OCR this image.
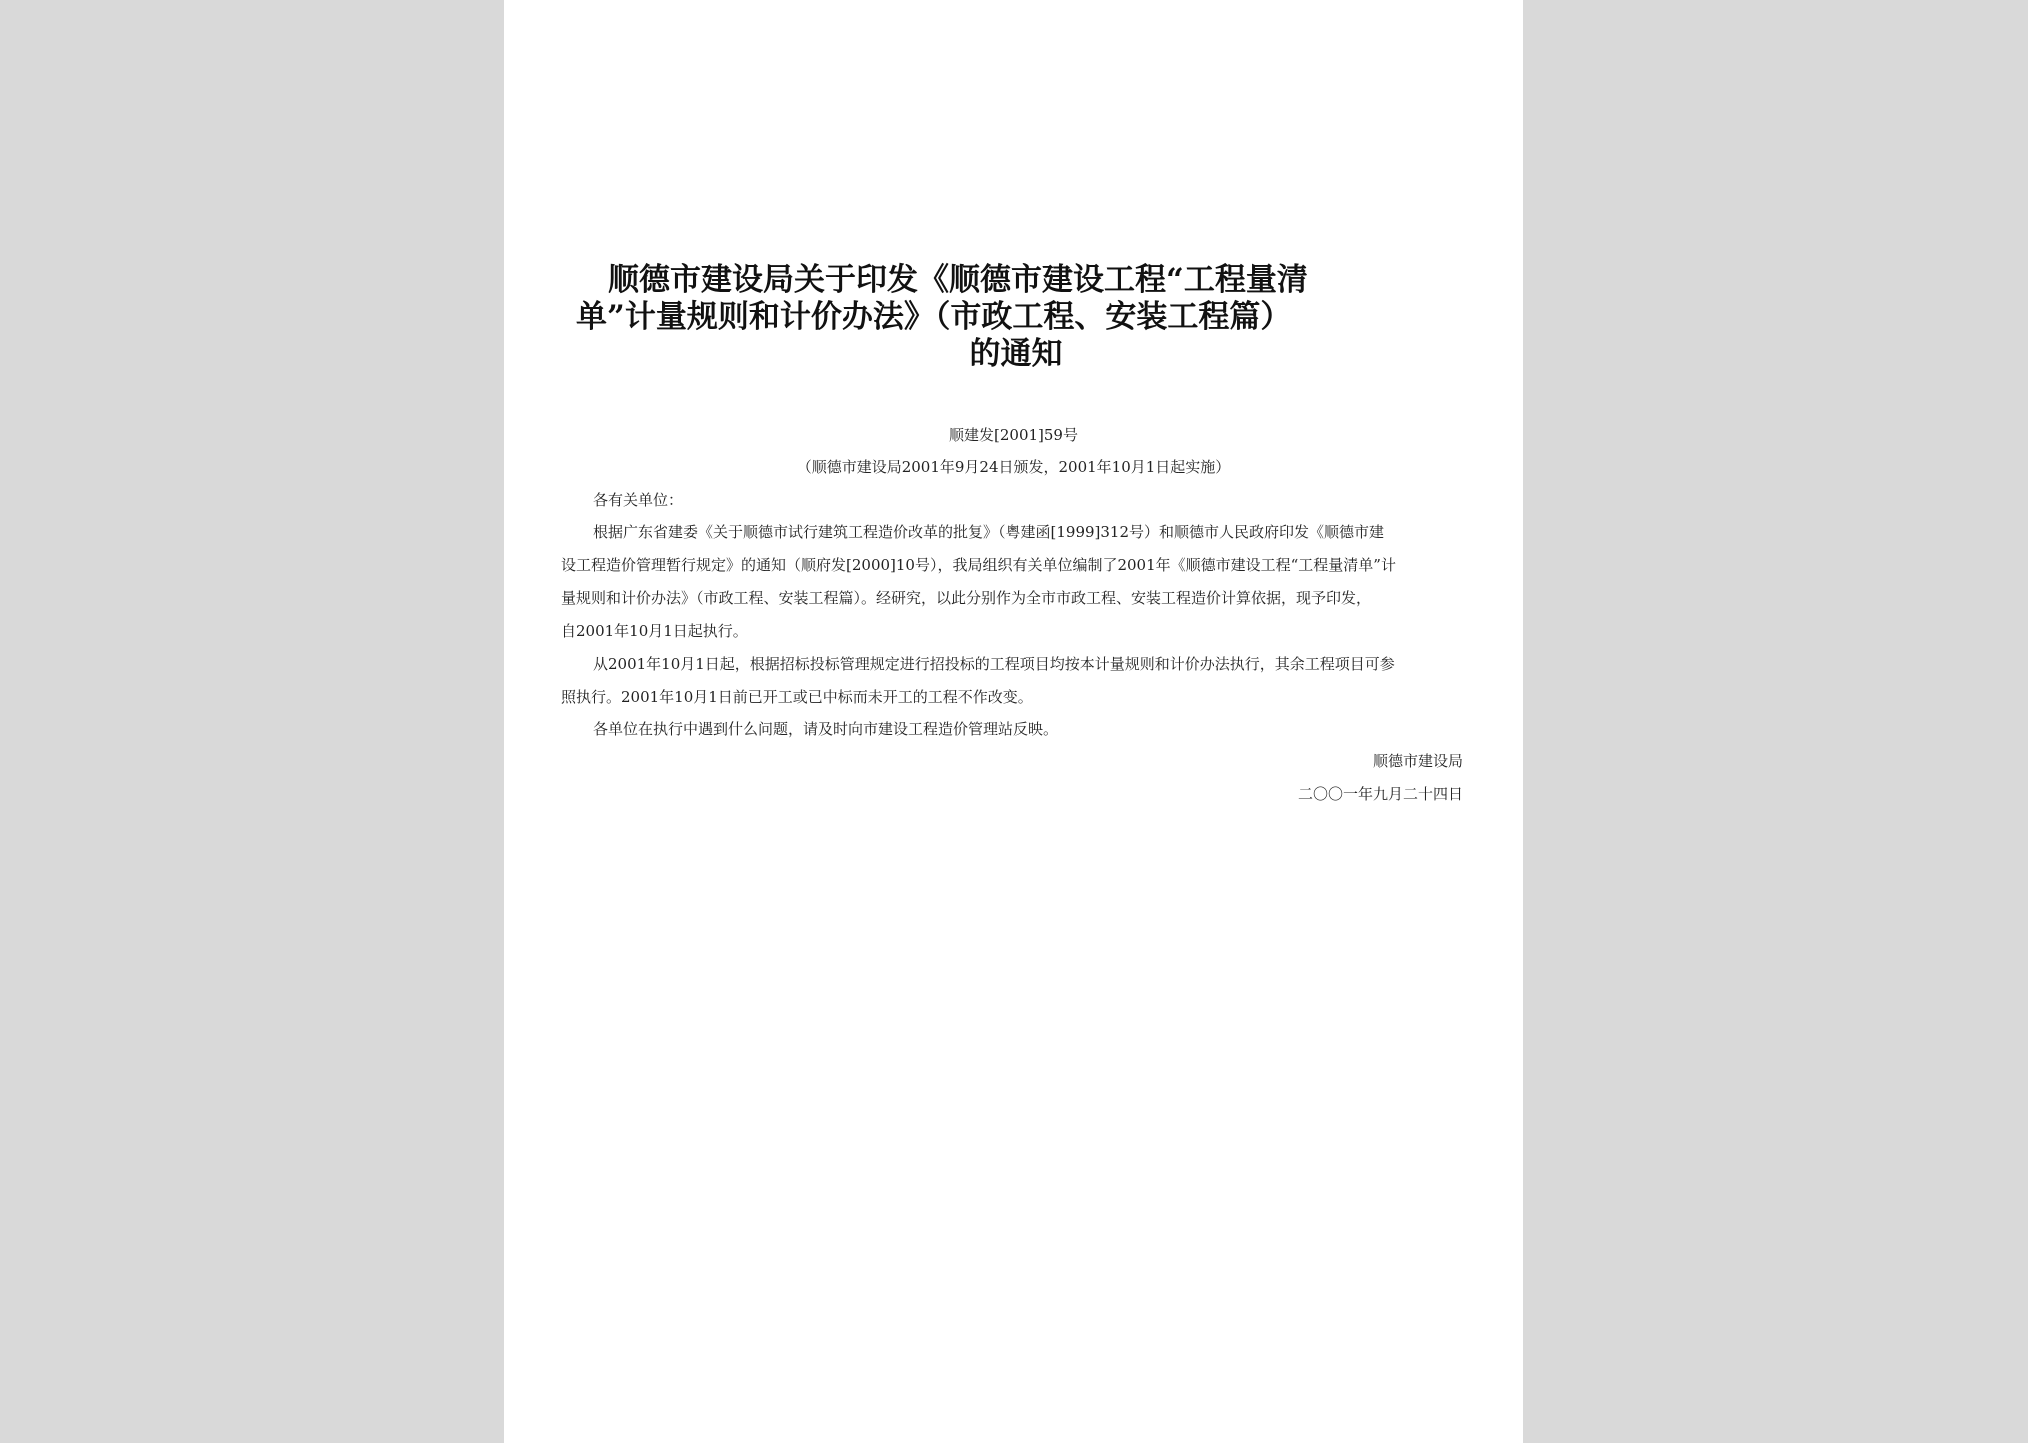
顺德市建设局关于印发《顺德市建设工程“工程量清
单”计量规则和计价办法》（市政工程、安装工程篇）
的通知
顺建发[2001]59号
（顺德市建设局2001年9月24日颁发，2001年10月1日起实施）
各有关单位：
根据广东省建委《关于顺德市试行建筑工程造价改革的批复》（粤建函[1999]312号）和顺德市人民政府印发《顺德市建
设工程造价管理暂行规定》的通知（顺府发[2000]10号），我局组织有关单位编制了2001年《顺德市建设工程“工程量清单”计
量规则和计价办法》（市政工程、安装工程篇）。经研究，以此分别作为全市市政工程、安装工程造价计算依据，现予印发，
自2001年10月1日起执行。
从2001年10月1日起，根据招标投标管理规定进行招投标的工程项目均按本计量规则和计价办法执行，其余工程项目可参
照执行。2001年10月1日前已开工或已中标而未开工的工程不作改变。
各单位在执行中遇到什么问题，请及时向市建设工程造价管理站反映。
顺德市建设局
二〇〇一年九月二十四日
